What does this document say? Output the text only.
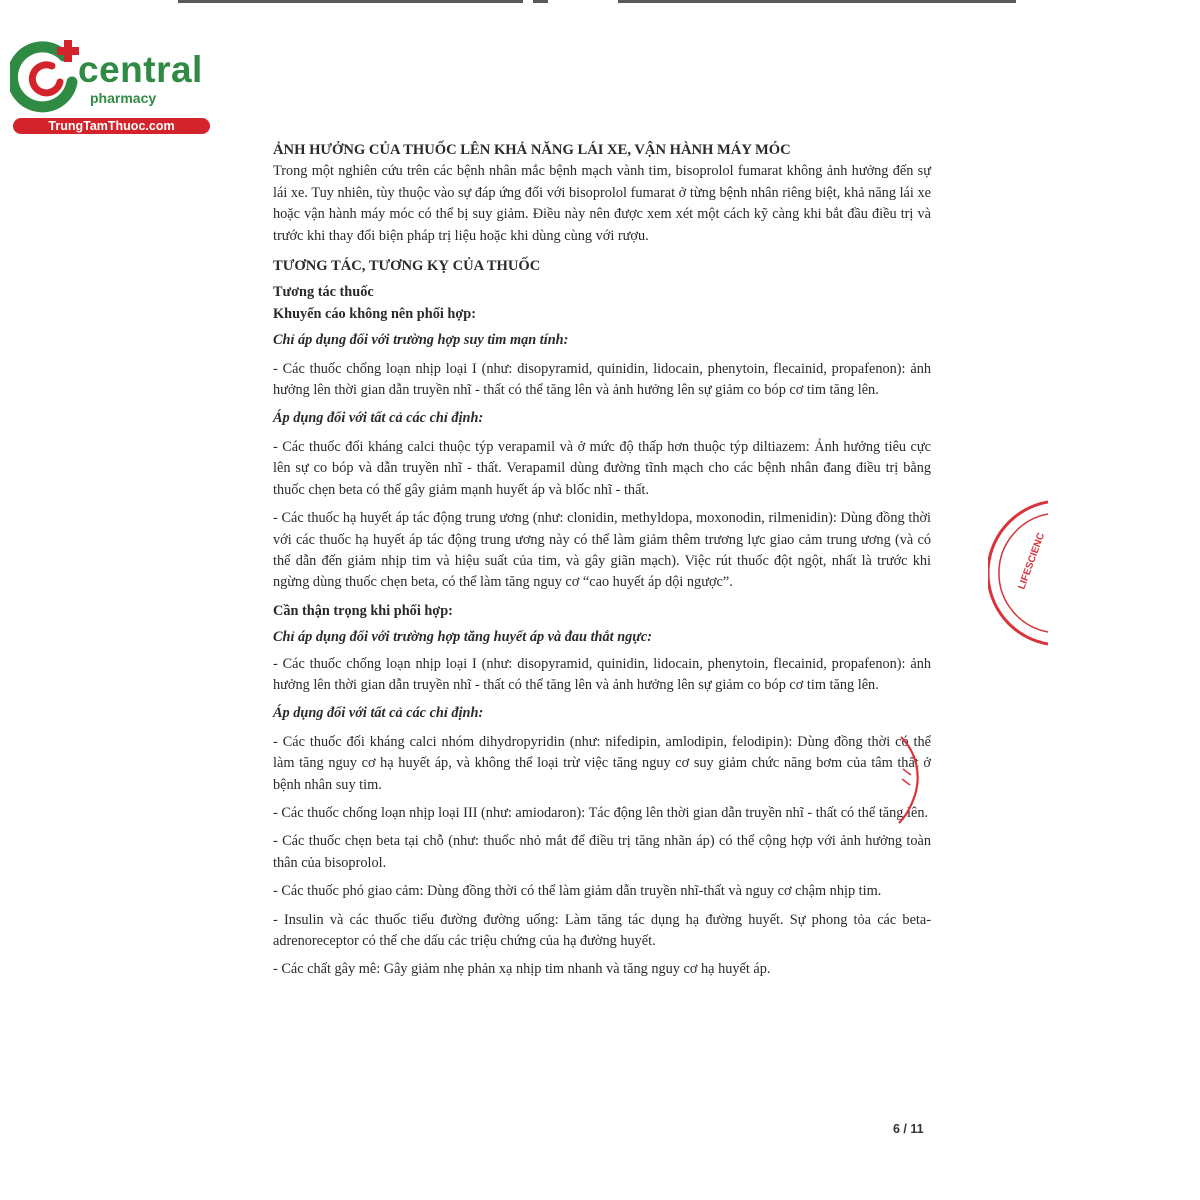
central
pharmacy
TrungTamThuoc.com

ẢNH HƯỞNG CỦA THUỐC LÊN KHẢ NĂNG LÁI XE, VẬN HÀNH MÁY MÓC

Trong một nghiên cứu trên các bệnh nhân mắc bệnh mạch vành tim, bisoprolol fumarat không ảnh hưởng đến sự lái xe. Tuy nhiên, tùy thuộc vào sự đáp ứng đối với bisoprolol fumarat ở từng bệnh nhân riêng biệt, khả năng lái xe hoặc vận hành máy móc có thể bị suy giảm. Điều này nên được xem xét một cách kỹ càng khi bắt đầu điều trị và trước khi thay đổi biện pháp trị liệu hoặc khi dùng cùng với rượu.

TƯƠNG TÁC, TƯƠNG KỴ CỦA THUỐC

Tương tác thuốc

Khuyến cáo không nên phối hợp:

Chỉ áp dụng đối với trường hợp suy tim mạn tính:

- Các thuốc chống loạn nhịp loại I (như: disopyramid, quinidin, lidocain, phenytoin, flecainid, propafenon): ảnh hưởng lên thời gian dẫn truyền nhĩ - thất có thể tăng lên và ảnh hưởng lên sự giảm co bóp cơ tim tăng lên.

Áp dụng đối với tất cả các chỉ định:

- Các thuốc đối kháng calci thuộc týp verapamil và ở mức độ thấp hơn thuộc týp diltiazem: Ảnh hưởng tiêu cực lên sự co bóp và dẫn truyền nhĩ - thất. Verapamil dùng đường tĩnh mạch cho các bệnh nhân đang điều trị bằng thuốc chẹn beta có thể gây giảm mạnh huyết áp và blốc nhĩ - thất.

- Các thuốc hạ huyết áp tác động trung ương (như: clonidin, methyldopa, moxonodin, rilmenidin): Dùng đồng thời với các thuốc hạ huyết áp tác động trung ương này có thể làm giảm thêm trương lực giao cảm trung ương (và có thể dẫn đến giảm nhịp tim và hiệu suất của tim, và gây giãn mạch). Việc rút thuốc đột ngột, nhất là trước khi ngừng dùng thuốc chẹn beta, có thể làm tăng nguy cơ “cao huyết áp dội ngược”.

Cần thận trọng khi phối hợp:

Chỉ áp dụng đối với trường hợp tăng huyết áp và đau thắt ngực:

- Các thuốc chống loạn nhịp loại I (như: disopyramid, quinidin, lidocain, phenytoin, flecainid, propafenon): ảnh hưởng lên thời gian dẫn truyền nhĩ - thất có thể tăng lên và ảnh hưởng lên sự giảm co bóp cơ tim tăng lên.

Áp dụng đối với tất cả các chỉ định:

- Các thuốc đối kháng calci nhóm dihydropyridin (như: nifedipin, amlodipin, felodipin): Dùng đồng thời có thể làm tăng nguy cơ hạ huyết áp, và không thể loại trừ việc tăng nguy cơ suy giảm chức năng bơm của tâm thất ở bệnh nhân suy tim.

- Các thuốc chống loạn nhịp loại III (như: amiodaron): Tác động lên thời gian dẫn truyền nhĩ - thất có thể tăng lên.

- Các thuốc chẹn beta tại chỗ (như: thuốc nhỏ mắt để điều trị tăng nhãn áp) có thể cộng hợp với ảnh hưởng toàn thân của bisoprolol.

- Các thuốc phó giao cảm: Dùng đồng thời có thể làm giảm dẫn truyền nhĩ-thất và nguy cơ chậm nhịp tim.

- Insulin và các thuốc tiểu đường đường uống: Làm tăng tác dụng hạ đường huyết. Sự phong tỏa các beta-adrenoreceptor có thể che dấu các triệu chứng của hạ đường huyết.

- Các chất gây mê: Gây giảm nhẹ phản xạ nhịp tim nhanh và tăng nguy cơ hạ huyết áp.

6 / 11
LIFESCIENC
